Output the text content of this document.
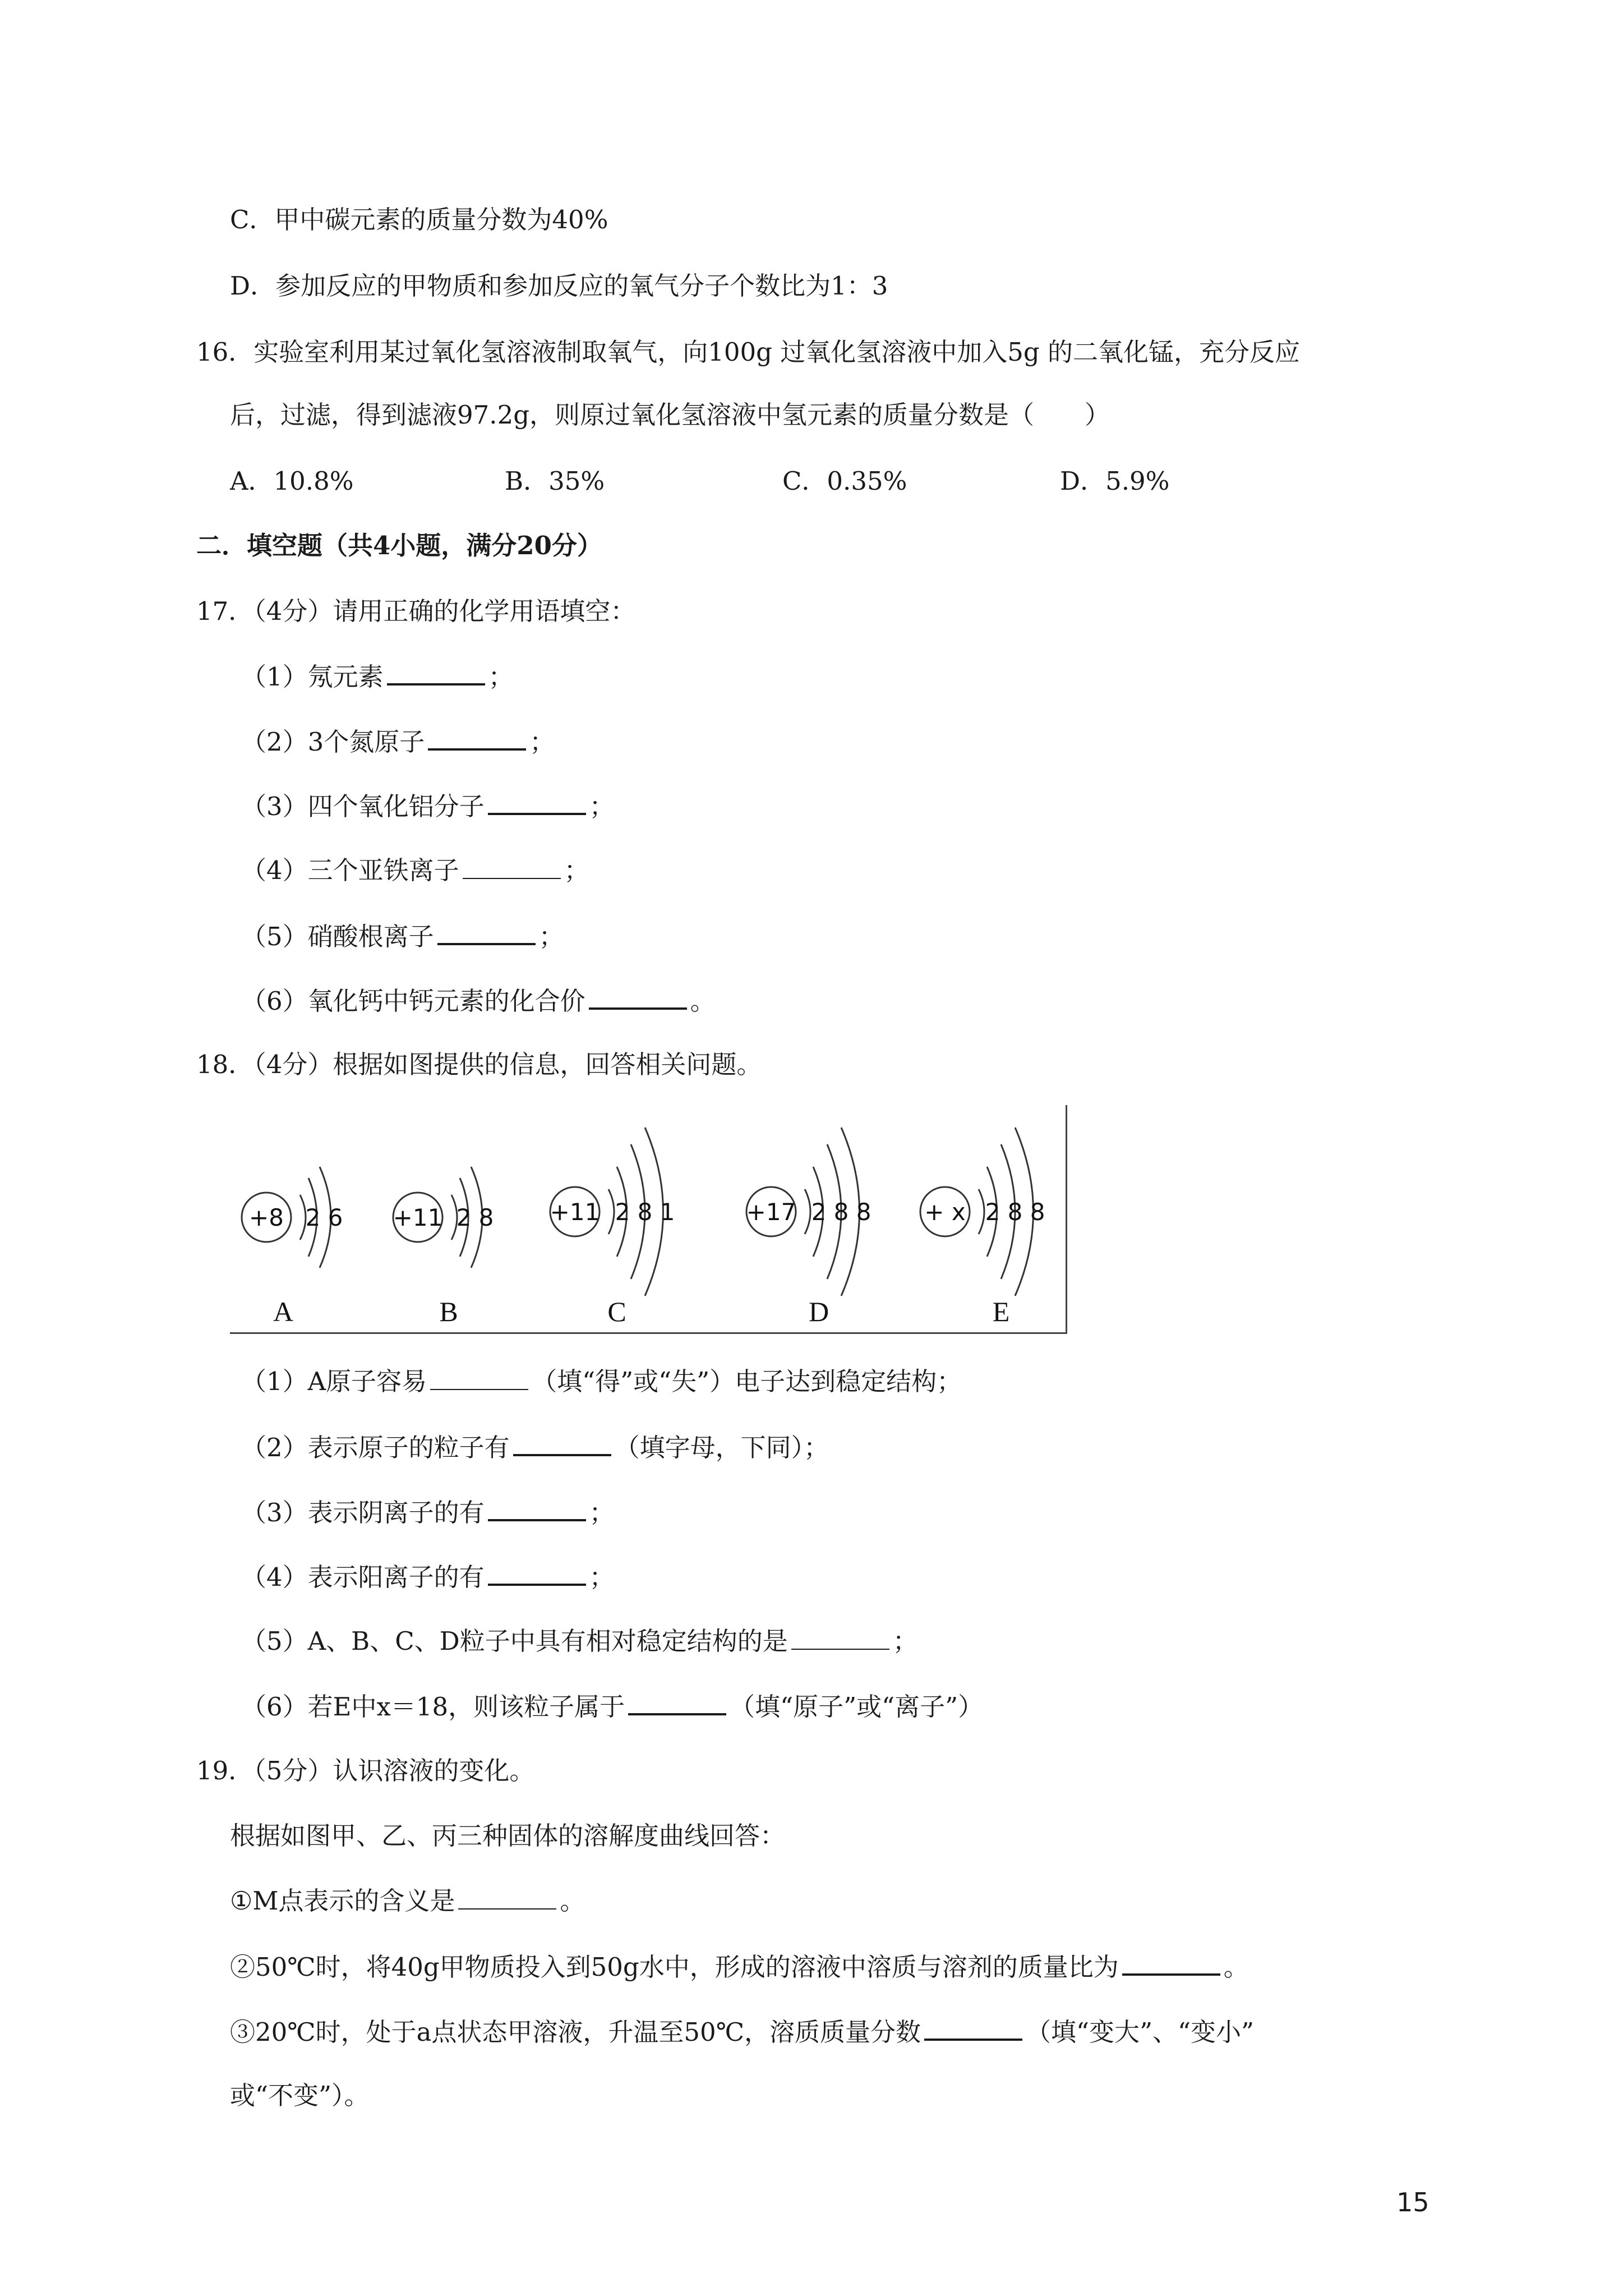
C．甲中碳元素的质量分数为40%
D．参加反应的甲物质和参加反应的氧气分子个数比为1：3
16．实验室利用某过氧化氢溶液制取氧气，向100g 过氧化氢溶液中加入5g 的二氧化锰，充分反应
后，过滤，得到滤液97.2g，则原过氧化氢溶液中氢元素的质量分数是（　　）
A．10.8%	B．35%	C．0.35%	D．5.9%
二．填空题（共4小题，满分20分）
17．（4分）请用正确的化学用语填空：
（1）氖元素	；
（2）3个氮原子	；
（3）四个氧化铝分子	；
（4）三个亚铁离子	；
（5）硝酸根离子	；
（6）氧化钙中钙元素的化合价	。
18．（4分）根据如图提供的信息，回答相关问题。
+8	+11	+11	+17	+ x
2 6	2 8	2 8 1	2 8 8	2 8 8
A	B	C	D	E
（1）A原子容易	（填“得”或“失”）电子达到稳定结构；
（2）表示原子的粒子有	（填字母，下同）；
（3）表示阴离子的有	；
（4）表示阳离子的有	；
（5）A、B、C、D粒子中具有相对稳定结构的是	；
（6）若E中x＝18，则该粒子属于	（填“原子”或“离子”）
19．（5分）认识溶液的变化。
根据如图甲、乙、丙三种固体的溶解度曲线回答：
①M点表示的含义是	。
②50℃时，将40g甲物质投入到50g水中，形成的溶液中溶质与溶剂的质量比为	。
③20℃时，处于a点状态甲溶液，升温至50℃，溶质质量分数	（填“变大”、“变小”
或“不变”）。
15
